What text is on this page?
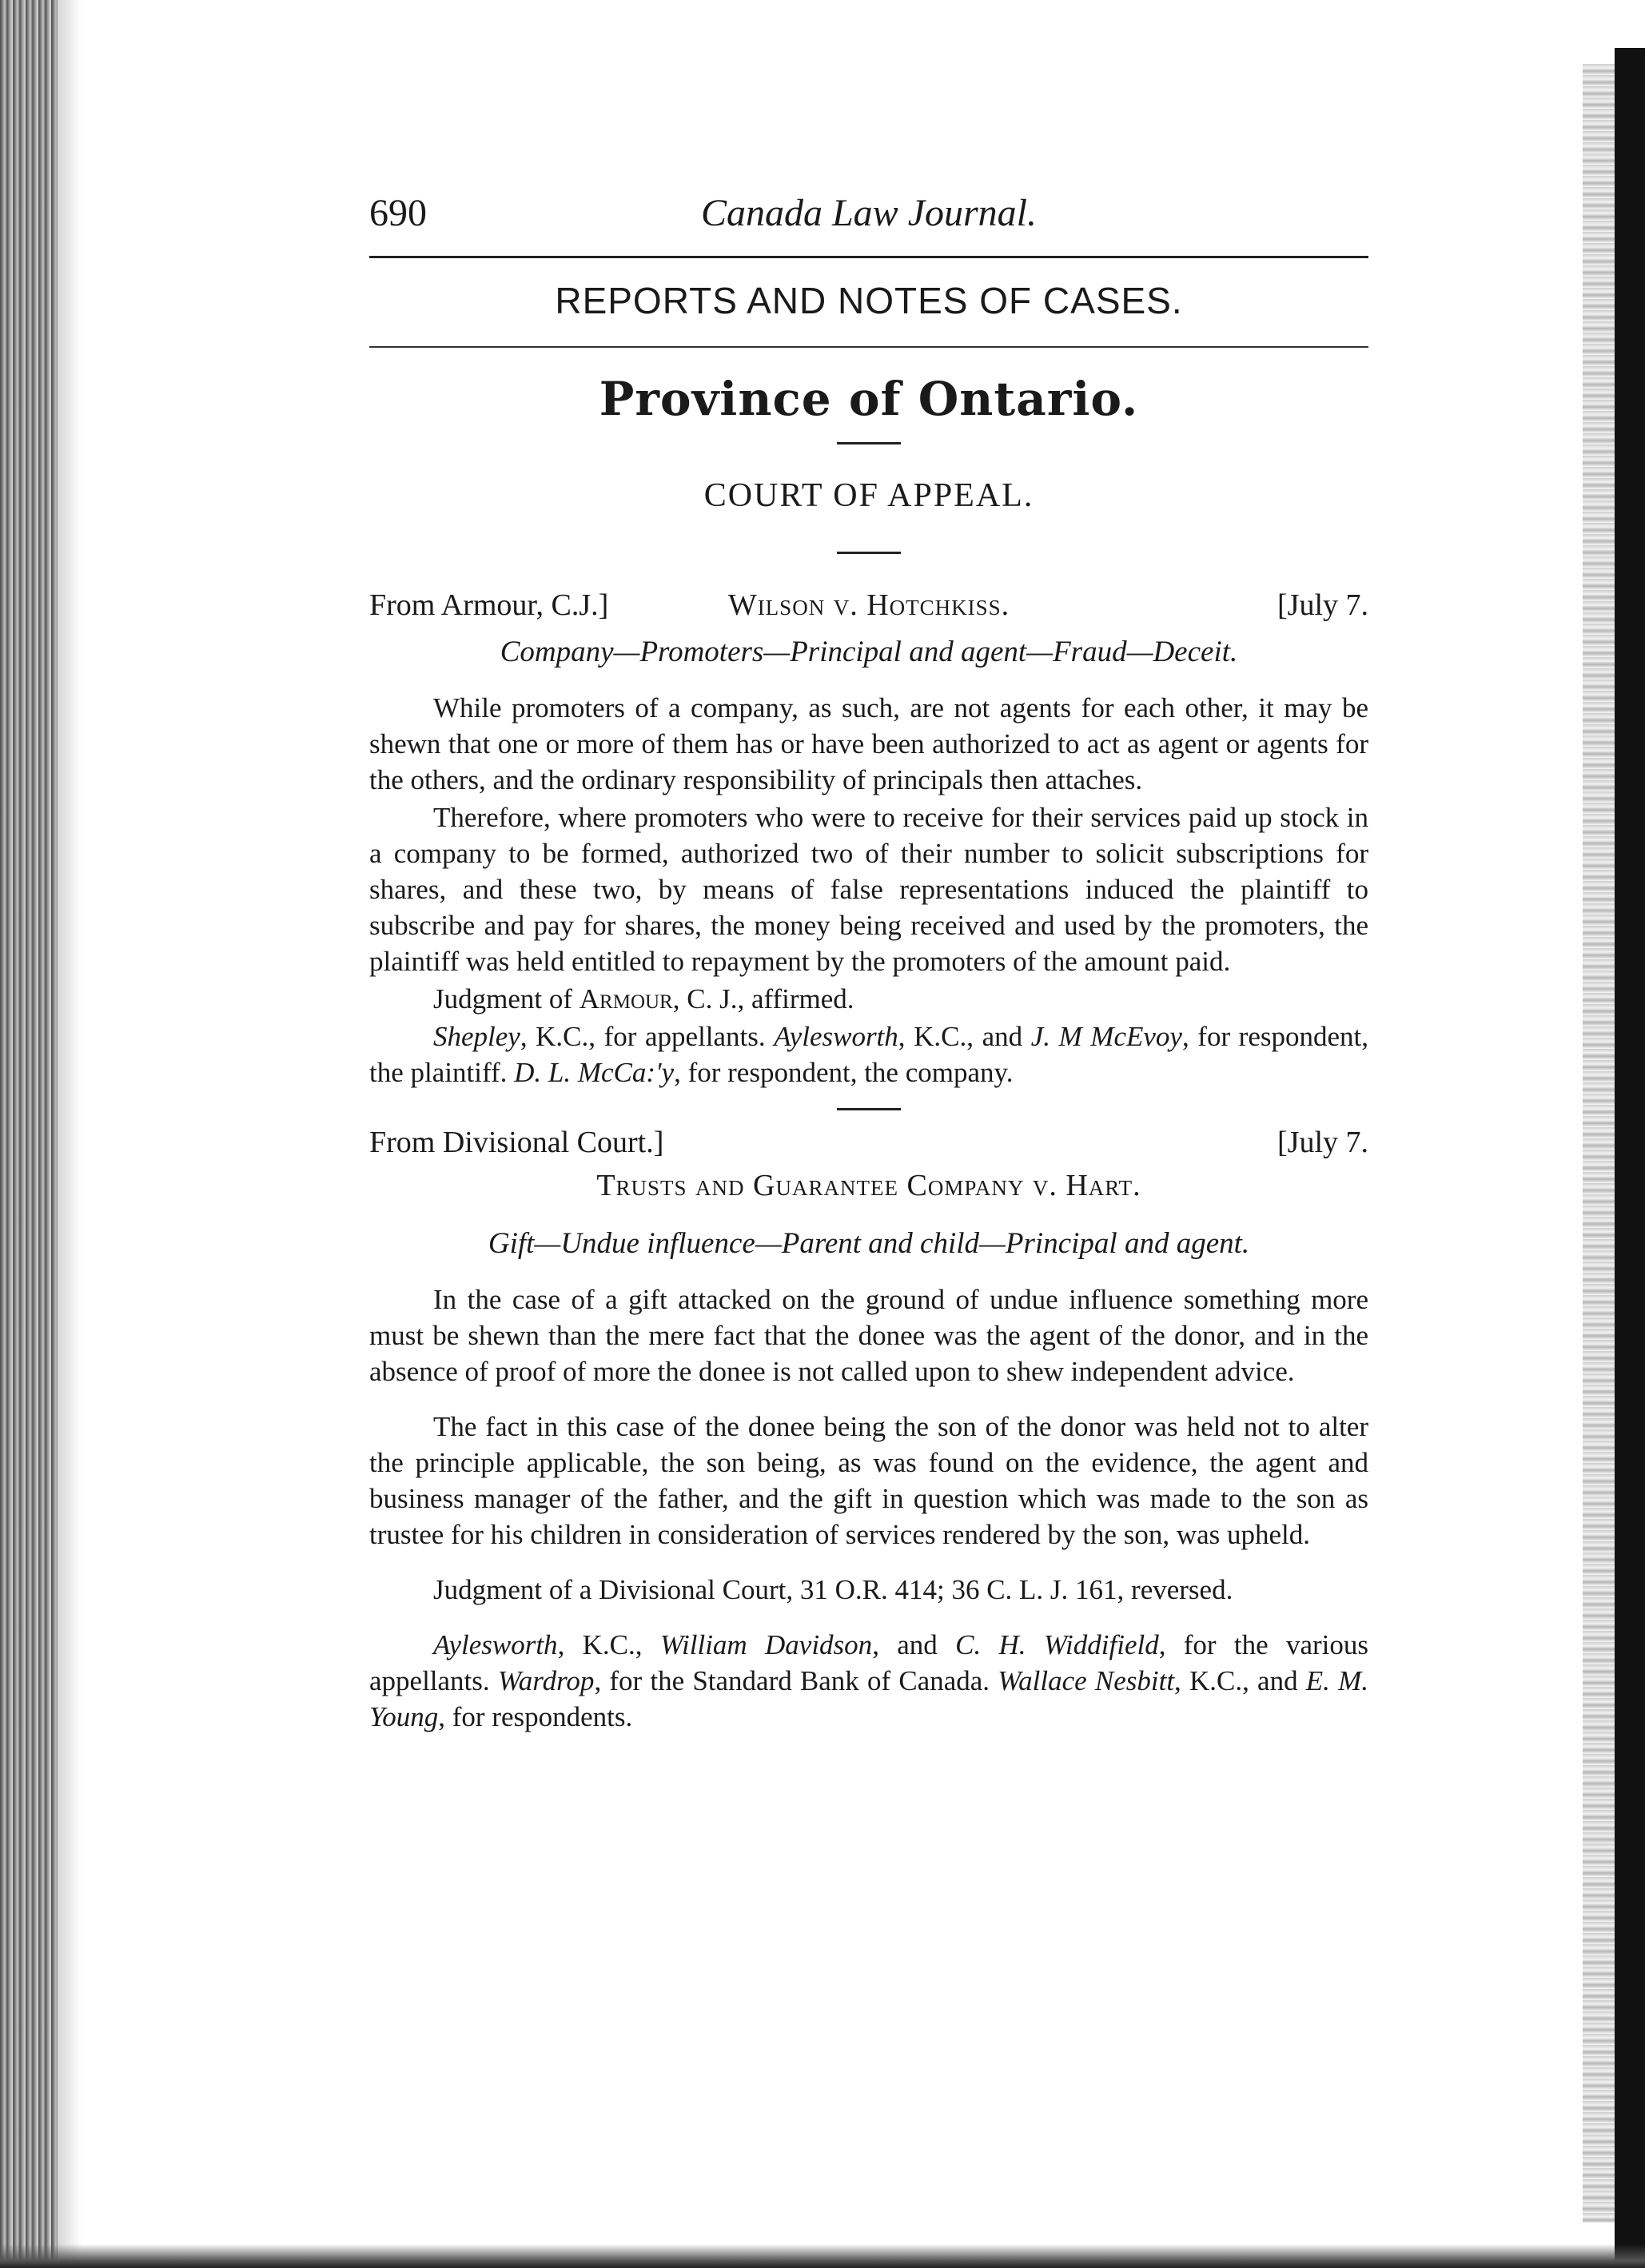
690	Canada Law Journal.
REPORTS AND NOTES OF CASES.
Province of Ontario.
COURT OF APPEAL.
Wilson v. Hotchkiss.
From Armour, C.J.]	[July 7.
Company—Promoters—Principal and agent—Fraud—Deceit.

While promoters of a company, as such, are not agents for each other, it may be shewn that one or more of them has or have been authorized to act as agent or agents for the others, and the ordinary responsibility of principals then attaches.

Therefore, where promoters who were to receive for their services paid up stock in a company to be formed, authorized two of their number to solicit subscriptions for shares, and these two, by means of false representations induced the plaintiff to subscribe and pay for shares, the money being received and used by the promoters, the plaintiff was held entitled to repayment by the promoters of the amount paid.

Judgment of Armour, C. J., affirmed.

Shepley, K.C., for appellants. Aylesworth, K.C., and J. M McEvoy, for respondent, the plaintiff. D. L. McCa:'y, for respondent, the company.

From Divisional Court.]	[July 7.
Trusts and Guarantee Company v. Hart.
Gift—Undue influence—Parent and child—Principal and agent.

In the case of a gift attacked on the ground of undue influence something more must be shewn than the mere fact that the donee was the agent of the donor, and in the absence of proof of more the donee is not called upon to shew independent advice.

The fact in this case of the donee being the son of the donor was held not to alter the principle applicable, the son being, as was found on the evidence, the agent and business manager of the father, and the gift in question which was made to the son as trustee for his children in consideration of services rendered by the son, was upheld.

Judgment of a Divisional Court, 31 O.R. 414; 36 C. L. J. 161, reversed.

Aylesworth, K.C., William Davidson, and C. H. Widdifield, for the various appellants. Wardrop, for the Standard Bank of Canada. Wallace Nesbitt, K.C., and E. M. Young, for respondents.
